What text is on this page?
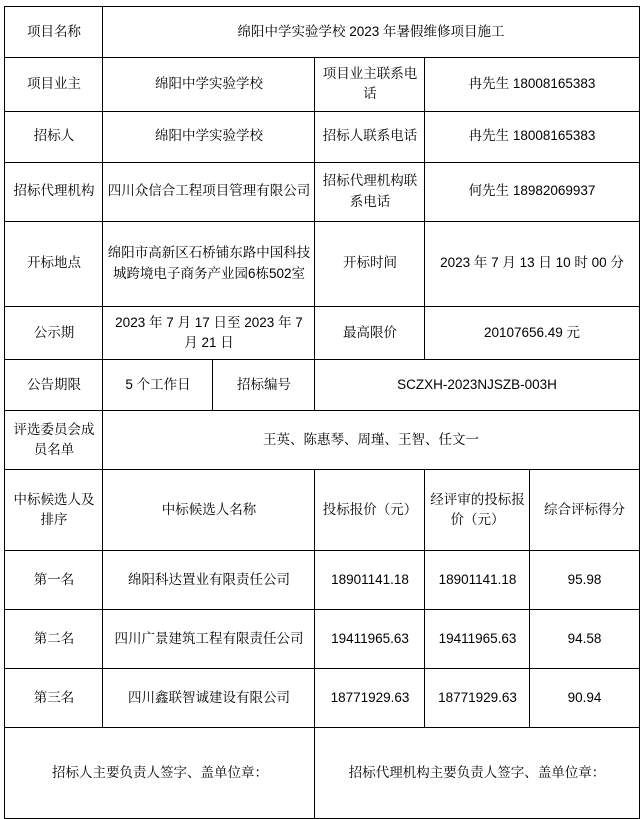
项目名称	绵阳中学实验学校 2023 年暑假维修项目施工				
项目业主	绵阳中学实验学校		项目业主联系电话	冉先生 18008165383	
招标人	绵阳中学实验学校		招标人联系电话	冉先生 18008165383	
招标代理机构	四川众信合工程项目管理有限公司		招标代理机构联系电话	何先生 18982069937	
开标地点	绵阳市高新区石桥铺东路中国科技城跨境电子商务产业园6栋502室		开标时间	2023 年 7 月 13 日 10 时 00 分	
公示期	2023 年 7 月 17 日至 2023 年 7 月 21 日		最高限价	20107656.49 元	
公告期限	5 个工作日	招标编号	SCZXH-2023NJSZB-003H		
评选委员会成员名单	王英、陈惠琴、周瑾、王智、任文一				
中标候选人及排序	中标候选人名称		投标报价（元）	经评审的投标报价（元）	综合评标得分
第一名	绵阳科达置业有限责任公司		18901141.18	18901141.18	95.98
第二名	四川广景建筑工程有限责任公司		19411965.63	19411965.63	94.58
第三名	四川鑫联智诚建设有限公司		18771929.63	18771929.63	90.94
招标人主要负责人签字、盖单位章：			招标代理机构主要负责人签字、盖单位章：		
